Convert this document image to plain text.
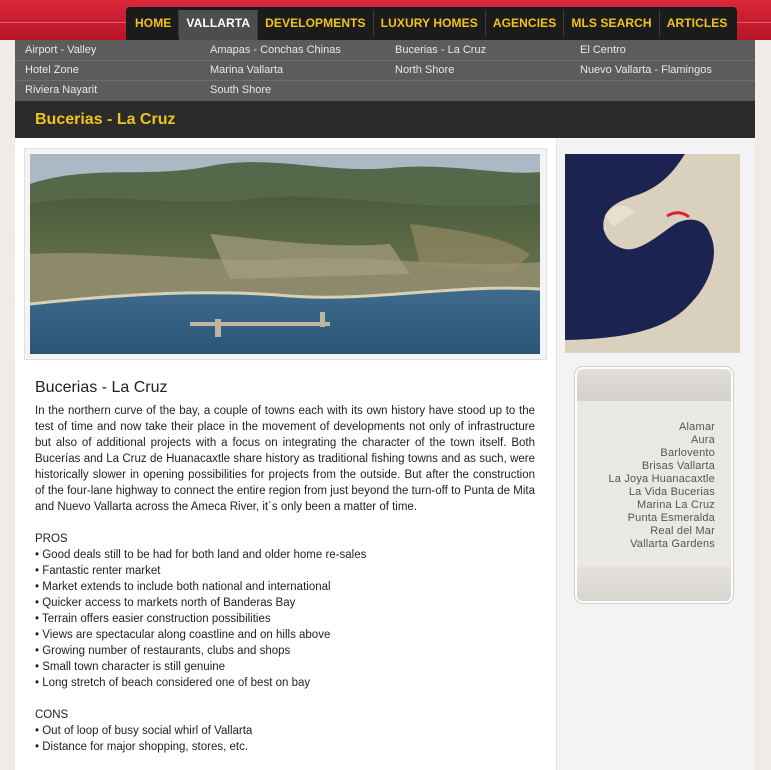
HOME	VALLARTA	DEVELOPMENTS	LUXURY HOMES	AGENCIES	MLS SEARCH	ARTICLES
Airport - Valley	Amapas - Conchas Chinas	Bucerias - La Cruz	El Centro
Hotel Zone	Marina Vallarta	North Shore	Nuevo Vallarta - Flamingos
Riviera Nayarit	South Shore
Bucerias - La Cruz
Bucerias - La Cruz

In the northern curve of the bay, a couple of towns each with its own history have stood up to the test of time and now take their place in the movement of developments not only of infrastructure but also of additional projects with a focus on integrating the character of the town itself. Both Bucerías and La Cruz de Huanacaxtle share history as traditional fishing towns and as such, were historically slower in opening possibilities for projects from the outside. But after the construction of the four-lane highway to connect the entire region from just beyond the turn-off to Punta de Mita and Nuevo Vallarta across the Ameca River, it´s only been a matter of time.

PROS
• Good deals still to be had for both land and older home re-sales
• Fantastic renter market
• Market extends to include both national and international
• Quicker access to markets north of Banderas Bay
• Terrain offers easier construction possibilities
• Views are spectacular along coastline and on hills above
• Growing number of restaurants, clubs and shops
• Small town character is still genuine
• Long stretch of beach considered one of best on bay
CONS
• Out of loop of busy social whirl of Vallarta
• Distance for major shopping, stores, etc.
Alamar
Aura
Barlovento
Brisas Vallarta
La Joya Huanacaxtle
La Vida Bucerias
Marina La Cruz
Punta Esmeralda
Real del Mar
Vallarta Gardens
